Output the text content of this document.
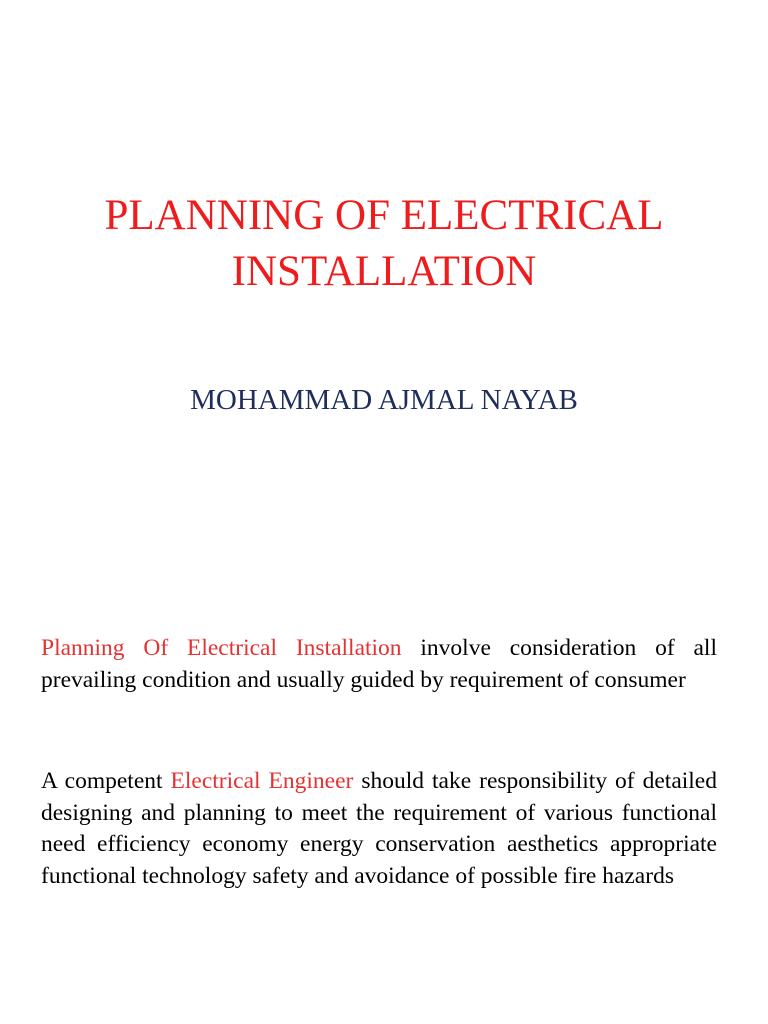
PLANNING OF ELECTRICAL
INSTALLATION

MOHAMMAD AJMAL NAYAB

Planning Of Electrical Installation involve consideration of all prevailing condition and usually guided by requirement of consumer

A competent Electrical Engineer should take responsibility of detailed designing and planning to meet the requirement of various functional need efficiency economy energy conservation aesthetics appropriate functional technology safety and avoidance of possible fire hazards
